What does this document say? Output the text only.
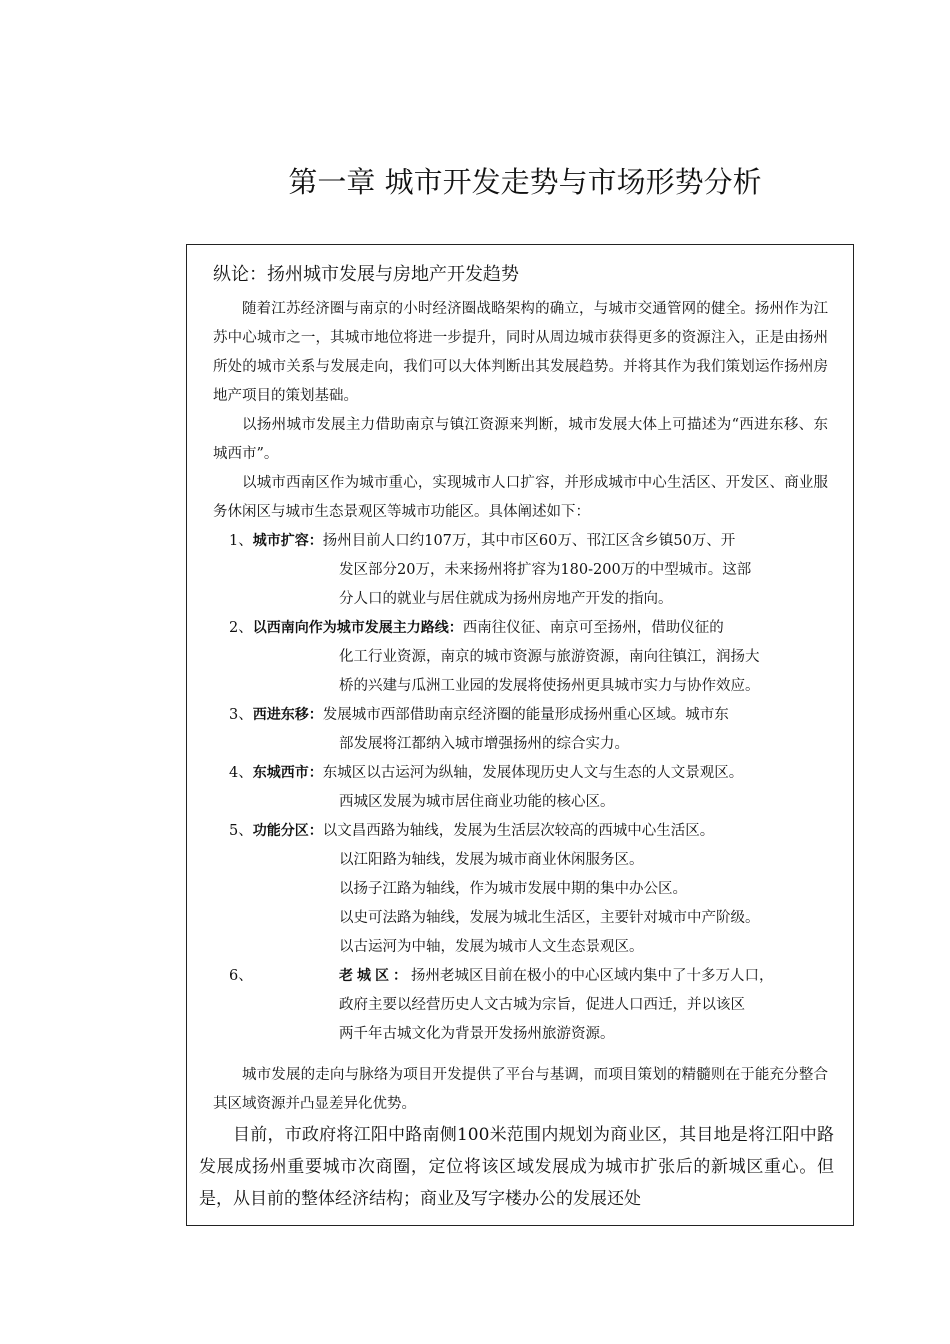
第一章 城市开发走势与市场形势分析
纵论：扬州城市发展与房地产开发趋势

随着江苏经济圈与南京的小时经济圈战略架构的确立，与城市交通管网的健全。扬州作为江苏中心城市之一，其城市地位将进一步提升，同时从周边城市获得更多的资源注入，正是由扬州所处的城市关系与发展走向，我们可以大体判断出其发展趋势。并将其作为我们策划运作扬州房地产项目的策划基础。

以扬州城市发展主力借助南京与镇江资源来判断，城市发展大体上可描述为“西进东移、东城西市”。

以城市西南区作为城市重心，实现城市人口扩容，并形成城市中心生活区、开发区、商业服务休闲区与城市生态景观区等城市功能区。具体阐述如下：

1、城市扩容：扬州目前人口约107万，其中市区60万、邗江区含乡镇50万、开
发区部分20万，未来扬州将扩容为180-200万的中型城市。这部
分人口的就业与居住就成为扬州房地产开发的指向。
2、以西南向作为城市发展主力路线：西南往仪征、南京可至扬州，借助仪征的
化工行业资源，南京的城市资源与旅游资源，南向往镇江，润扬大
桥的兴建与瓜洲工业园的发展将使扬州更具城市实力与协作效应。
3、西进东移：发展城市西部借助南京经济圈的能量形成扬州重心区域。城市东
部发展将江都纳入城市增强扬州的综合实力。
4、东城西市：东城区以古运河为纵轴，发展体现历史人文与生态的人文景观区。
西城区发展为城市居住商业功能的核心区。
5、功能分区：以文昌西路为轴线，发展为生活层次较高的西城中心生活区。
以江阳路为轴线，发展为城市商业休闲服务区。
以扬子江路为轴线，作为城市发展中期的集中办公区。
以史可法路为轴线，发展为城北生活区，主要针对城市中产阶级。
以古运河为中轴，发展为城市人文生态景观区。
6、	老城区：扬州老城区目前在极小的中心区域内集中了十多万人口，
政府主要以经营历史人文古城为宗旨，促进人口西迁，并以该区
两千年古城文化为背景开发扬州旅游资源。

城市发展的走向与脉络为项目开发提供了平台与基调，而项目策划的精髓则在于能充分整合其区域资源并凸显差异化优势。

目前，市政府将江阳中路南侧100米范围内规划为商业区，其目地是将江阳中路发展成扬州重要城市次商圈，定位将该区域发展成为城市扩张后的新城区重心。但是，从目前的整体经济结构；商业及写字楼办公的发展还处
